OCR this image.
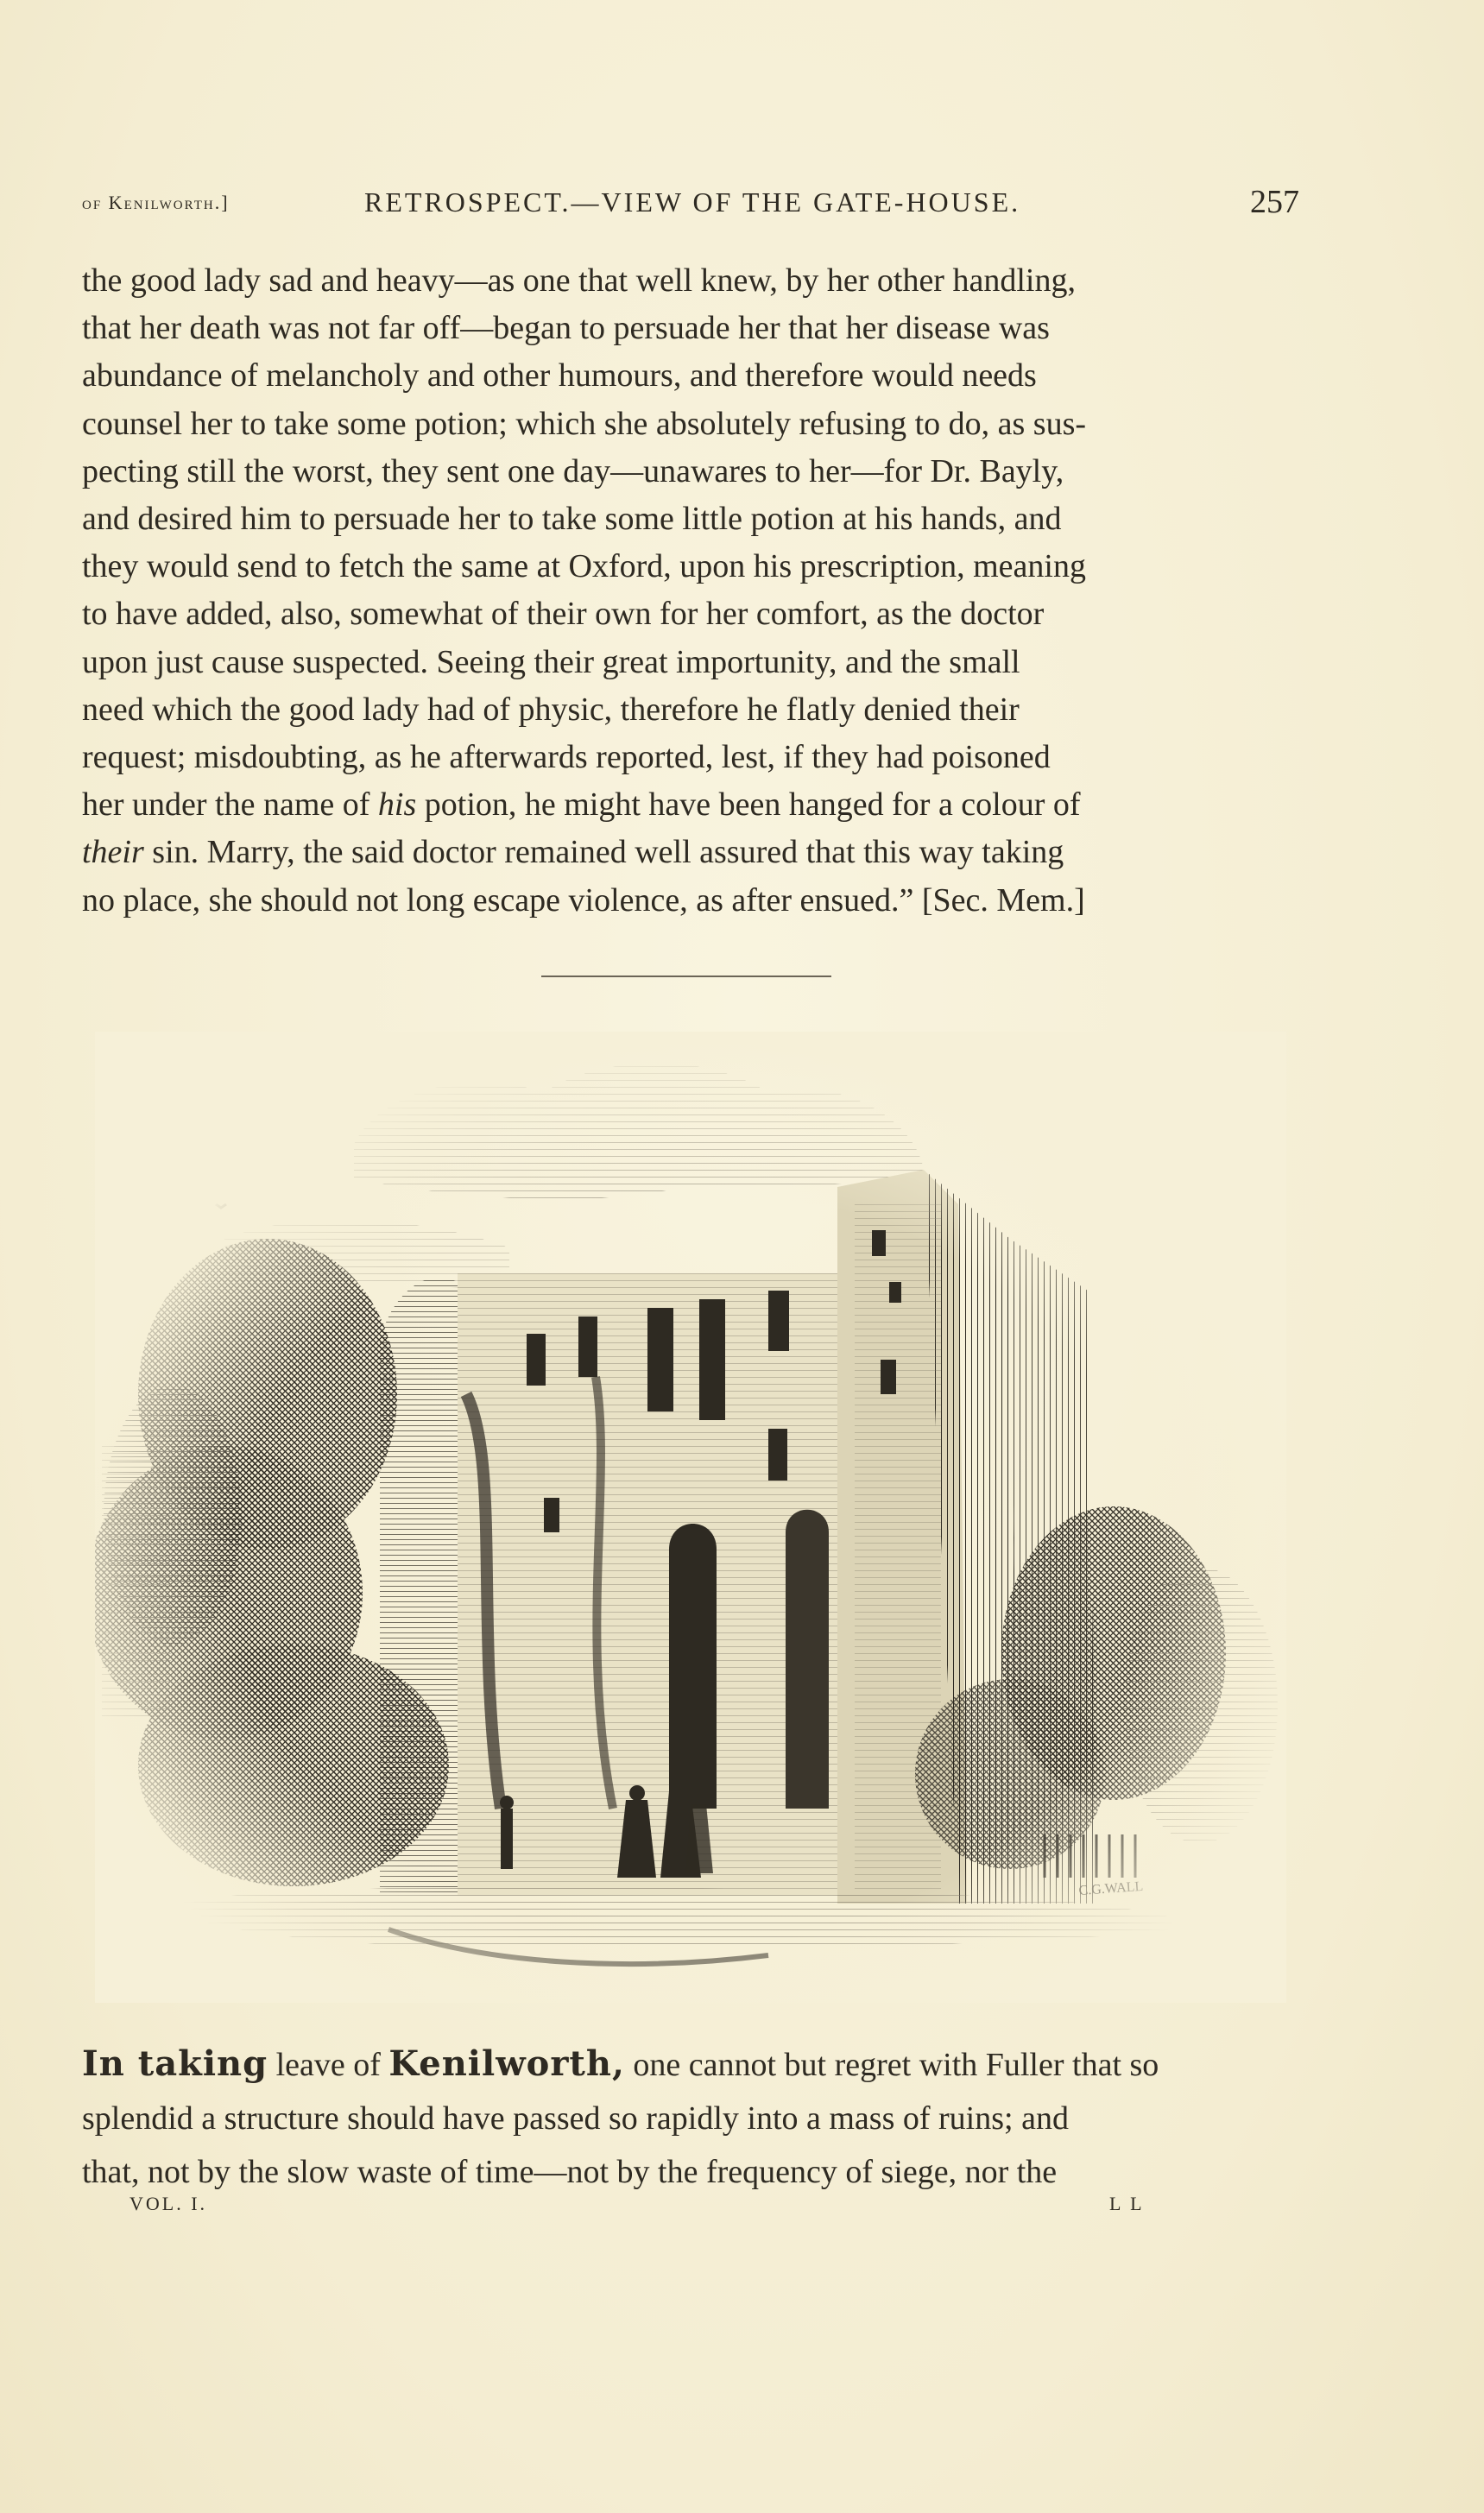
of Kenilworth.]	RETROSPECT.—VIEW OF THE GATE-HOUSE.	257

the good lady sad and heavy—as one that well knew, by her other handling,

that her death was not far off—began to persuade her that her disease was

abundance of melancholy and other humours, and therefore would needs

counsel her to take some potion; which she absolutely refusing to do, as sus-

pecting still the worst, they sent one day—unawares to her—for Dr. Bayly,

and desired him to persuade her to take some little potion at his hands, and

they would send to fetch the same at Oxford, upon his prescription, meaning

to have added, also, somewhat of their own for her comfort, as the doctor

upon just cause suspected. Seeing their great importunity, and the small

need which the good lady had of physic, therefore he flatly denied their

request; misdoubting, as he afterwards reported, lest, if they had poisoned

her under the name of his potion, he might have been hanged for a colour of

their sin. Marry, the said doctor remained well assured that this way taking

no place, she should not long escape violence, as after ensued.” [Sec. Mem.]

In taking leave of Kenilworth, one cannot but regret with Fuller that so

splendid a structure should have passed so rapidly into a mass of ruins; and

that, not by the slow waste of time—not by the frequency of siege, nor the

VOL. I.	L L
